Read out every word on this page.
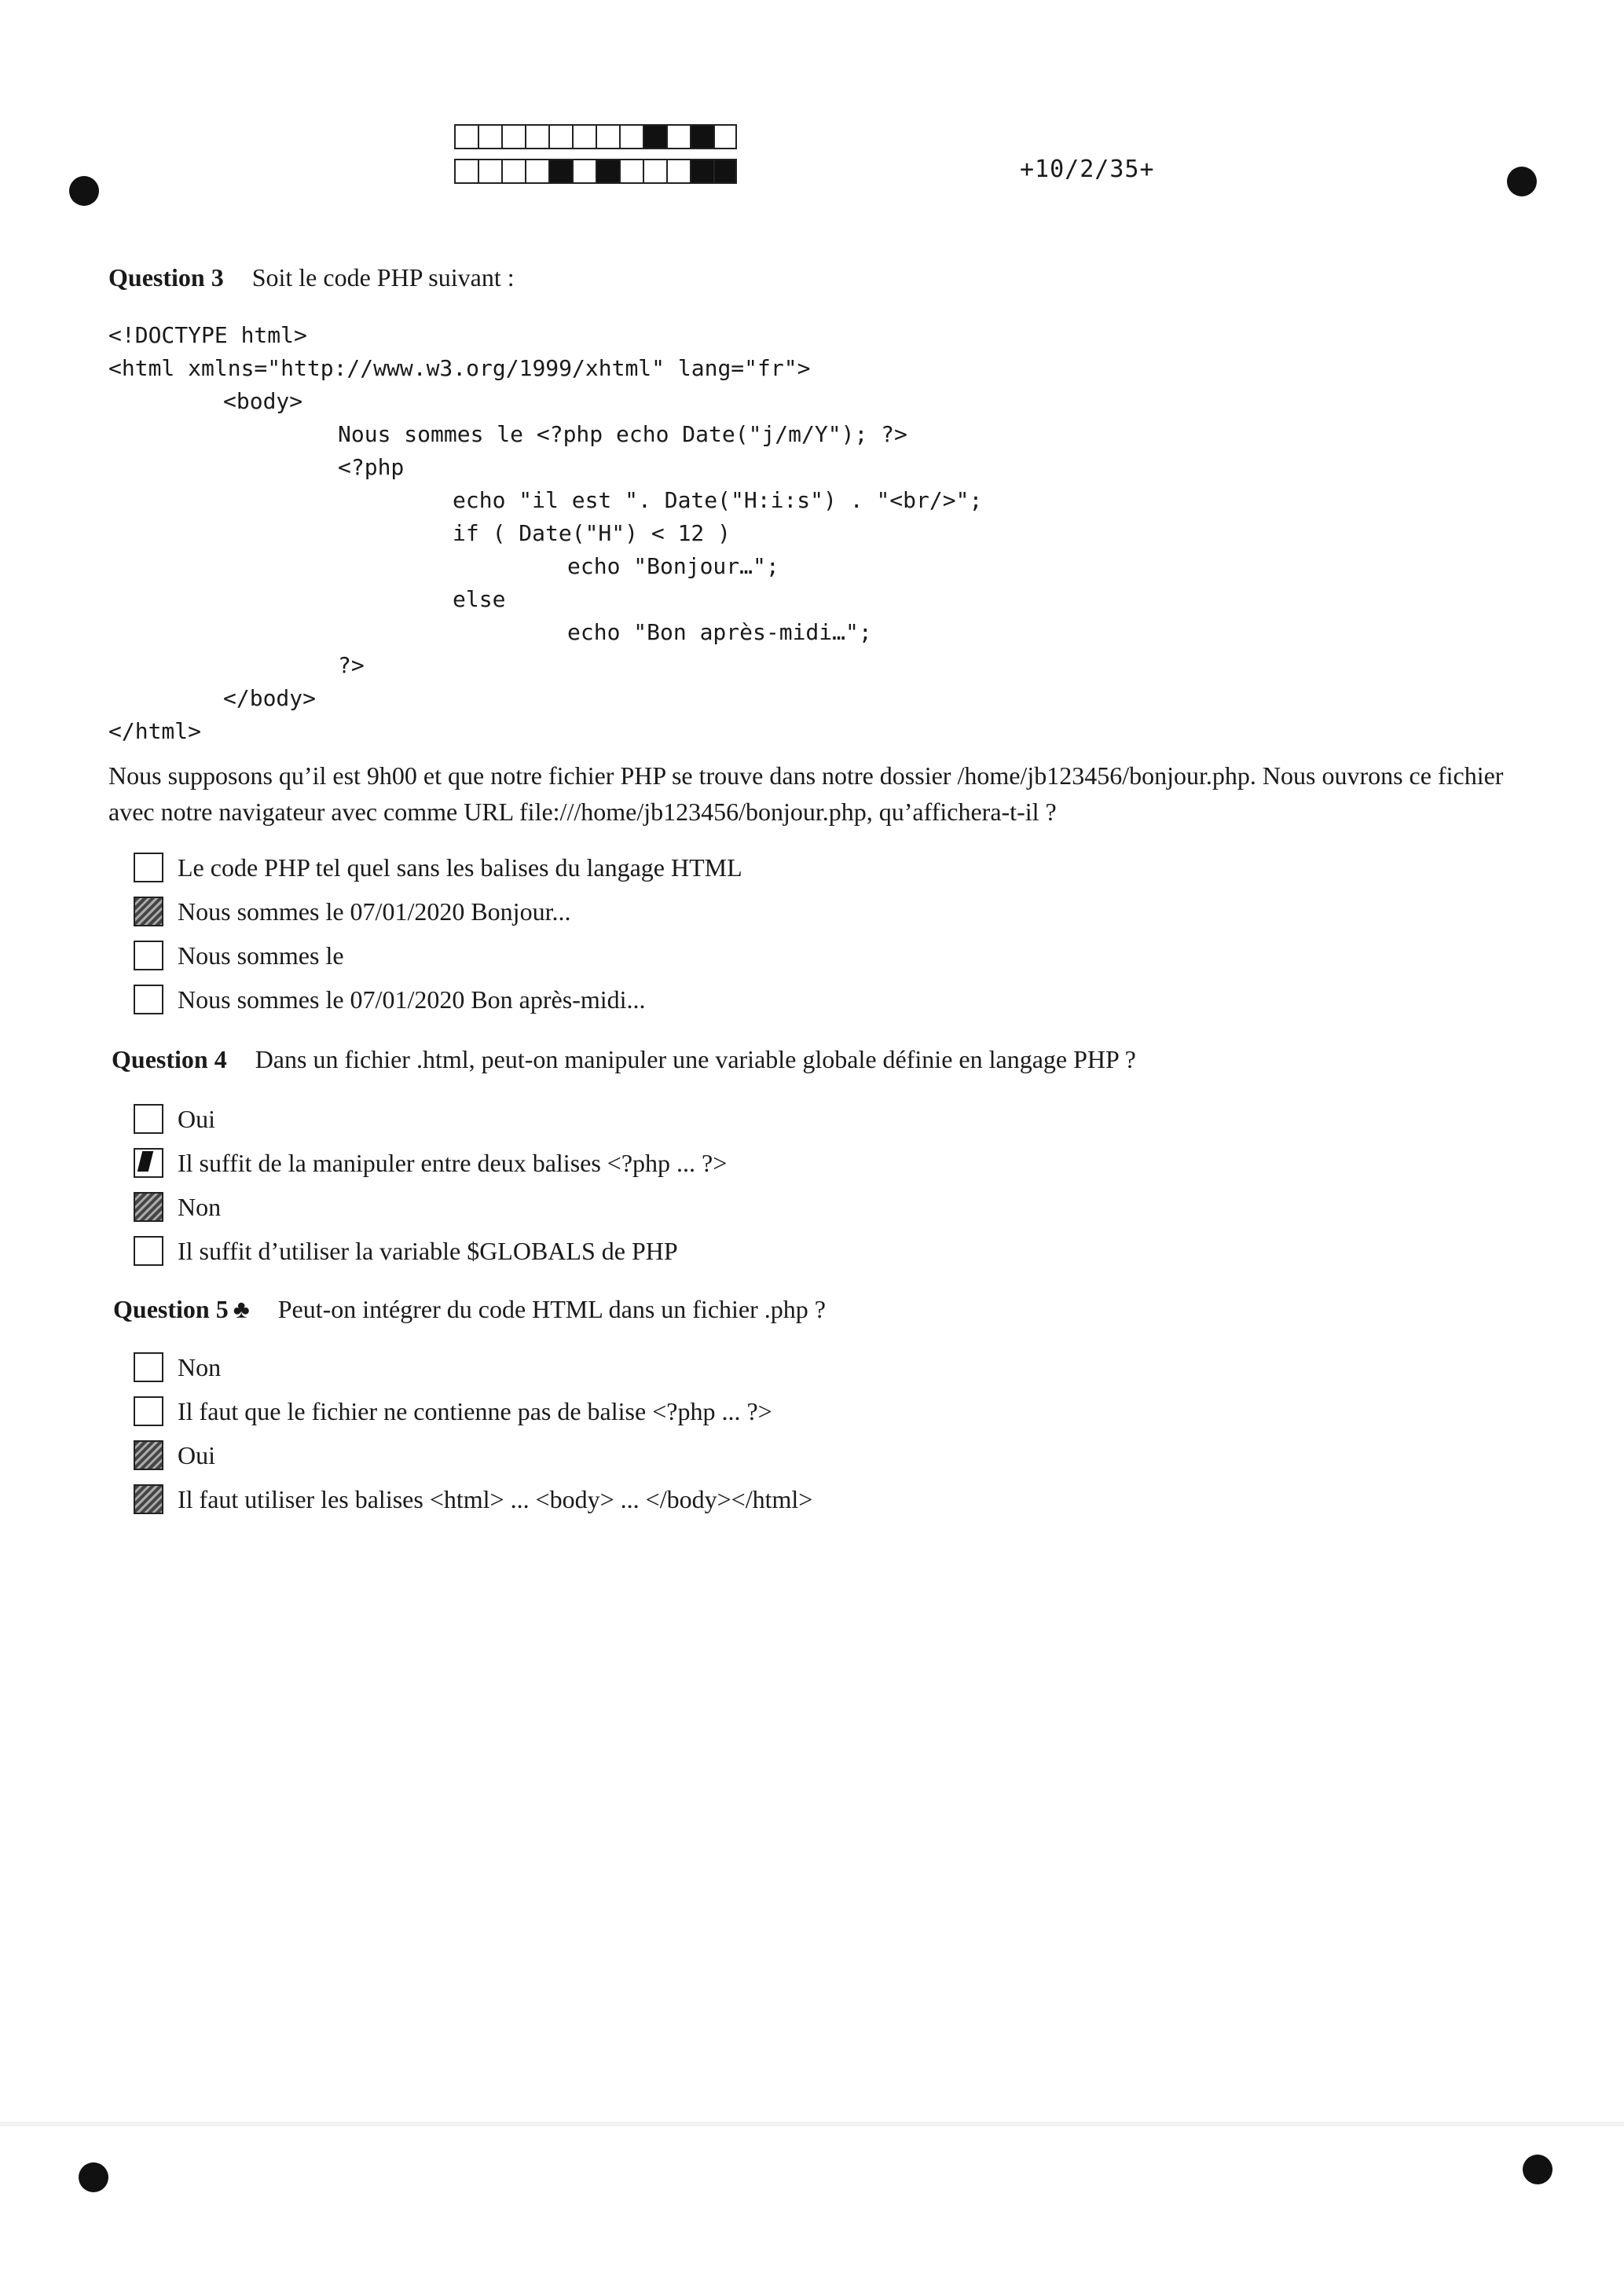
+10/2/35+
Question 3 Soit le code PHP suivant :
<!DOCTYPE html>
<html xmlns="http://www.w3.org/1999/xhtml" lang="fr">
<body>
Nous sommes le <?php echo Date("j/m/Y"); ?>
<?php
echo "il est ". Date("H:i:s") . "<br/>";
if ( Date("H") < 12 )
echo "Bonjour…";
else
echo "Bon après-midi…";
?>
</body>
</html>
Nous supposons qu’il est 9h00 et que notre fichier PHP se trouve dans notre dossier /home/jb123456/bonjour.php. Nous ouvrons ce fichier avec notre navigateur avec comme URL file:///home/jb123456/bonjour.php, qu’affichera-t-il ?
Le code PHP tel quel sans les balises du langage HTML
Nous sommes le 07/01/2020 Bonjour...
Nous sommes le
Nous sommes le 07/01/2020 Bon après-midi...
Question 4 Dans un fichier .html, peut-on manipuler une variable globale définie en langage PHP ?
Oui
Il suffit de la manipuler entre deux balises <?php ... ?>
Non
Il suffit d’utiliser la variable $GLOBALS de PHP
Question 5 ♣ Peut-on intégrer du code HTML dans un fichier .php ?
Non
Il faut que le fichier ne contienne pas de balise <?php ... ?>
Oui
Il faut utiliser les balises <html> ... <body> ... </body></html>
